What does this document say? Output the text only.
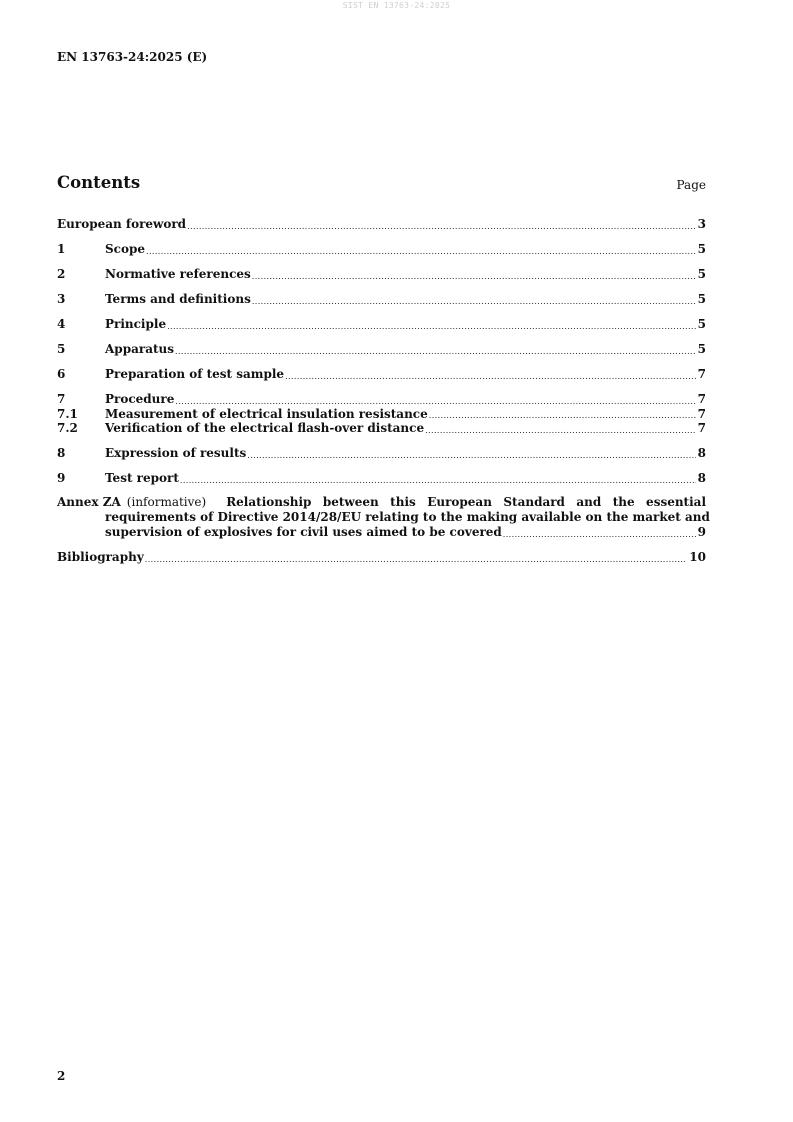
SIST EN 13763-24:2025
EN 13763-24:2025 (E)
Contents	Page
European foreword .....	3
1	Scope .....	5
2	Normative references .....	5
3	Terms and definitions .....	5
4	Principle .....	5
5	Apparatus .....	5
6	Preparation of test sample .....	7
7	Procedure .....	7
7.1	Measurement of electrical insulation resistance .....	7
7.2	Verification of the electrical flash-over distance .....	7
8	Expression of results .....	8
9	Test report .....	8
Annex ZA (informative) Relationship between this European Standard and the essential
requirements of Directive 2014/28/EU relating to the making available on the market and
supervision of explosives for civil uses aimed to be covered .....	9
Bibliography .....	10
2
